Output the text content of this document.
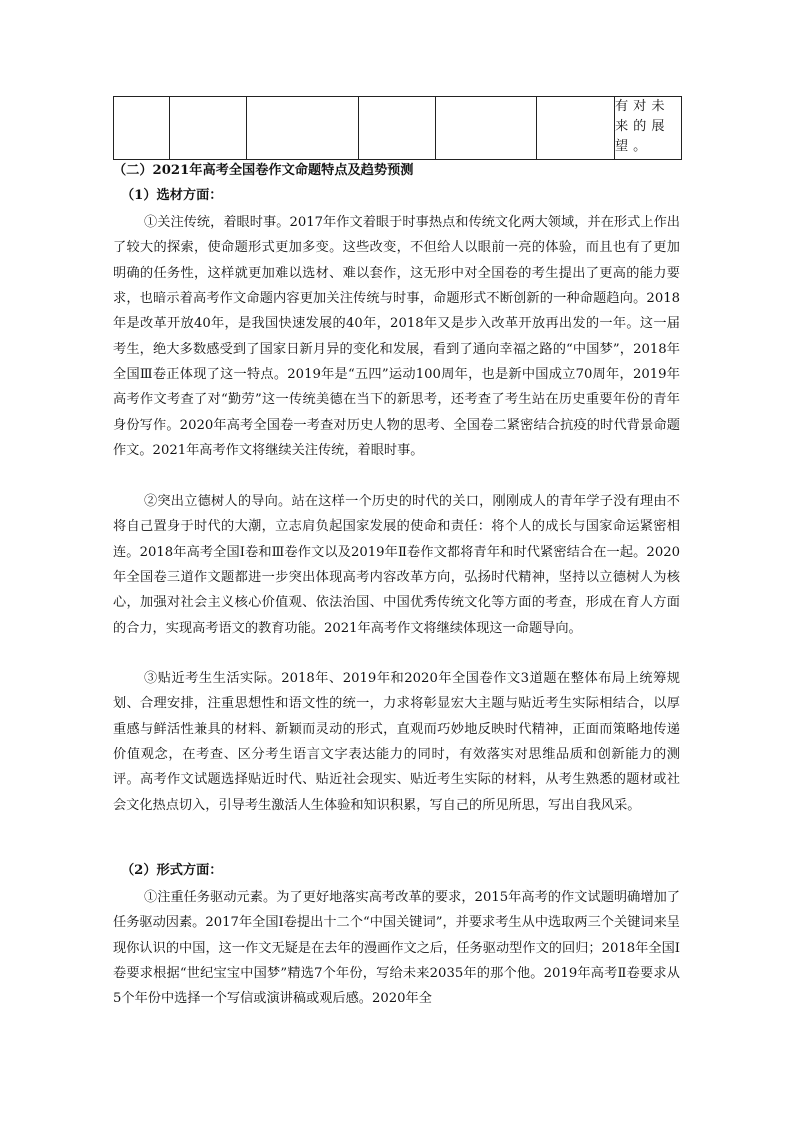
有对未来的展望。
（二）2021年高考全国卷作文命题特点及趋势预测
（1）选材方面：

①关注传统，着眼时事。2017年作文着眼于时事热点和传统文化两大领域，并在形式上作出了较大的探索，使命题形式更加多变。这些改变，不但给人以眼前一亮的体验，而且也有了更加明确的任务性，这样就更加难以选材、难以套作，这无形中对全国卷的考生提出了更高的能力要求，也暗示着高考作文命题内容更加关注传统与时事，命题形式不断创新的一种命题趋向。2018年是改革开放40年，是我国快速发展的40年，2018年又是步入改革开放再出发的一年。这一届考生，绝大多数感受到了国家日新月异的变化和发展，看到了通向幸福之路的“中国梦”，2018年全国Ⅲ卷正体现了这一特点。2019年是“五四”运动100周年，也是新中国成立70周年，2019年高考作文考查了对“勤劳”这一传统美德在当下的新思考，还考查了考生站在历史重要年份的青年身份写作。2020年高考全国卷一考查对历史人物的思考、全国卷二紧密结合抗疫的时代背景命题作文。2021年高考作文将继续关注传统，着眼时事。

②突出立德树人的导向。站在这样一个历史的时代的关口，刚刚成人的青年学子没有理由不将自己置身于时代的大潮，立志肩负起国家发展的使命和责任：将个人的成长与国家命运紧密相连。2018年高考全国Ⅰ卷和Ⅲ卷作文以及2019年Ⅱ卷作文都将青年和时代紧密结合在一起。2020年全国卷三道作文题都进一步突出体现高考内容改革方向，弘扬时代精神，坚持以立德树人为核心，加强对社会主义核心价值观、依法治国、中国优秀传统文化等方面的考查，形成在育人方面的合力，实现高考语文的教育功能。2021年高考作文将继续体现这一命题导向。

③贴近考生生活实际。2018年、2019年和2020年全国卷作文3道题在整体布局上统筹规划、合理安排，注重思想性和语文性的统一，力求将彰显宏大主题与贴近考生实际相结合，以厚重感与鲜活性兼具的材料、新颖而灵动的形式，直观而巧妙地反映时代精神，正面而策略地传递价值观念，在考查、区分考生语言文字表达能力的同时，有效落实对思维品质和创新能力的测评。高考作文试题选择贴近时代、贴近社会现实、贴近考生实际的材料，从考生熟悉的题材或社会文化热点切入，引导考生激活人生体验和知识积累，写自己的所见所思，写出自我风采。

（2）形式方面：

①注重任务驱动元素。为了更好地落实高考改革的要求，2015年高考的作文试题明确增加了任务驱动因素。2017年全国Ⅰ卷提出十二个“中国关键词”，并要求考生从中选取两三个关键词来呈现你认识的中国，这一作文无疑是在去年的漫画作文之后，任务驱动型作文的回归；2018年全国Ⅰ卷要求根据“世纪宝宝中国梦”精选7个年份，写给未来2035年的那个他。2019年高考Ⅱ卷要求从5个年份中选择一个写信或演讲稿或观后感。2020年全
